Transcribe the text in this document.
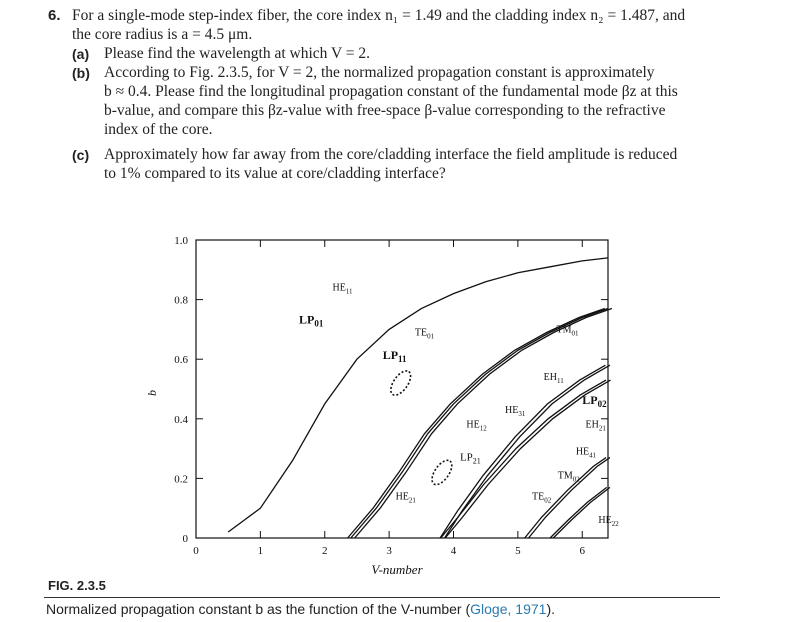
6. For a single-mode step-index fiber, the core index n₁ = 1.49 and the cladding index n₂ = 1.487, and
the core radius is a = 4.5 μm.
(a) Please find the wavelength at which V = 2.
(b) According to Fig. 2.3.5, for V = 2, the normalized propagation constant is approximately
b ≈ 0.4. Please find the longitudinal propagation constant of the fundamental mode βz at this
b-value, and compare this βz-value with free-space β-value corresponding to the refractive
index of the core.
(c) Approximately how far away from the core/cladding interface the field amplitude is reduced
to 1% compared to its value at core/cladding interface?
0	1	2	3	4	5	6
0
0.2
0.4
0.6
0.8
1.0
V-number
b
$HE_{11}$
$LP_{01}$
$TE_{01}$
$TM_{01}$
$LP_{11}$
$EH_{11}$
$HE_{31}$
$HE_{12}$
$LP_{21}$
$LP_{02}$
$EH_{21}$
$HE_{41}$
$TM_{02}$
$TE_{02}$
$HE_{21}$
$HE_{22}$
FIG. 2.3.5
Normalized propagation constant b as the function of the V-number (Gloge, 1971).
